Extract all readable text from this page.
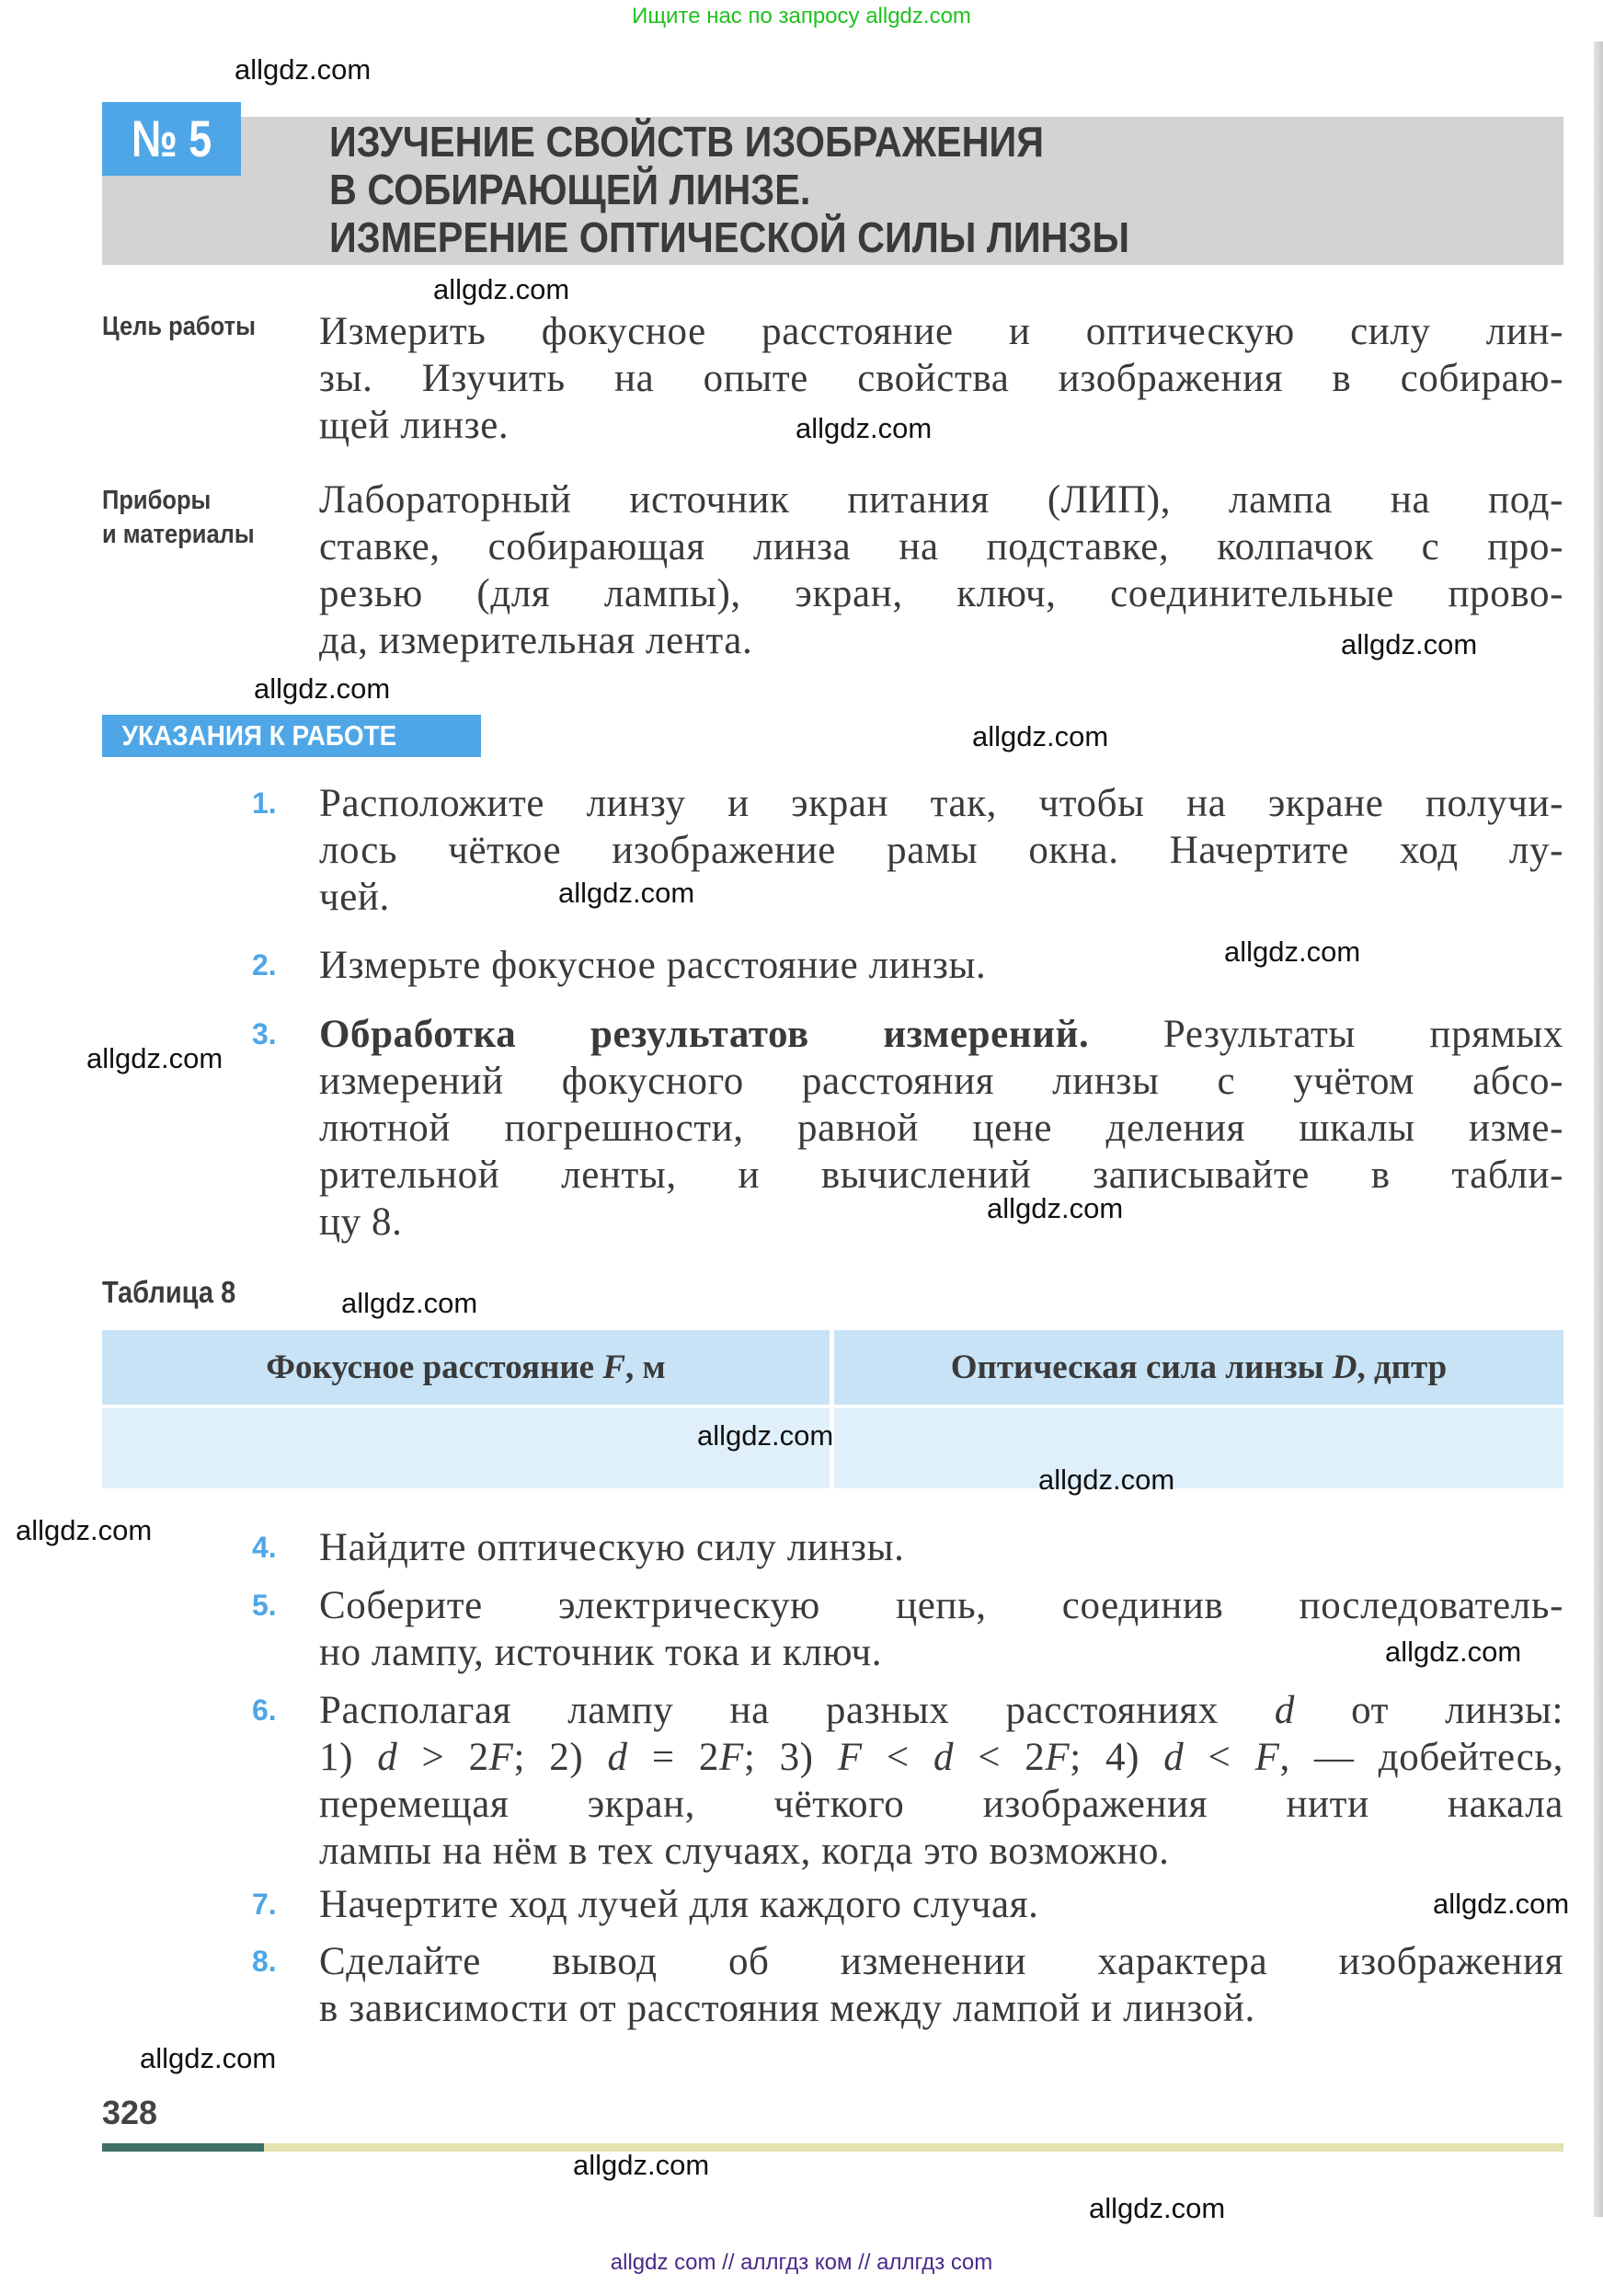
Ищите нас по запросу allgdz.com
№ 5	ИЗУЧЕНИЕ СВОЙСТВ ИЗОБРАЖЕНИЯ
В СОБИРАЮЩЕЙ ЛИНЗЕ.
ИЗМЕРЕНИЕ ОПТИЧЕСКОЙ СИЛЫ ЛИНЗЫ
Цель работы Измерить фокусное расстояние и оптическую силу лин-
зы. Изучить на опыте свойства изображения в собираю-
щей линзе.
Приборы
и материалы
Лабораторный источник питания (ЛИП), лампа на под-
ставке, собирающая линза на подставке, колпачок с про-
резью (для лампы), экран, ключ, соединительные прово-
да, измерительная лента.
УКАЗАНИЯ К РАБОТЕ
1. Расположите линзу и экран так, чтобы на экране получи-
лось чёткое изображение рамы окна. Начертите ход лу-
чей.
2. Измерьте фокусное расстояние линзы.
3. Обработка результатов измерений. Результаты прямых
измерений фокусного расстояния линзы с учётом абсо-
лютной погрешности, равной цене деления шкалы изме-
рительной ленты, и вычислений записывайте в табли-
цу 8.
Таблица 8
Фокусное расстояние F, м	Оптическая сила линзы D, дптр
4. Найдите оптическую силу линзы.
5. Соберите электрическую цепь, соединив последователь-
но лампу, источник тока и ключ.
6. Располагая лампу на разных расстояниях d от линзы:
1) d > 2F; 2) d = 2F; 3) F < d < 2F; 4) d < F, — добейтесь,
перемещая экран, чёткого изображения нити накала
лампы на нём в тех случаях, когда это возможно.
7. Начертите ход лучей для каждого случая.
8. Сделайте вывод об изменении характера изображения
в зависимости от расстояния между лампой и линзой.
328
allgdz com // аллгдз ком // аллгдз com
allgdz.com
allgdz.com
allgdz.com
allgdz.com
allgdz.com
allgdz.com
allgdz.com
allgdz.com
allgdz.com
allgdz.com
allgdz.com
allgdz.com
allgdz.com
allgdz.com
allgdz.com
allgdz.com
allgdz.com
allgdz.com
allgdz.com
